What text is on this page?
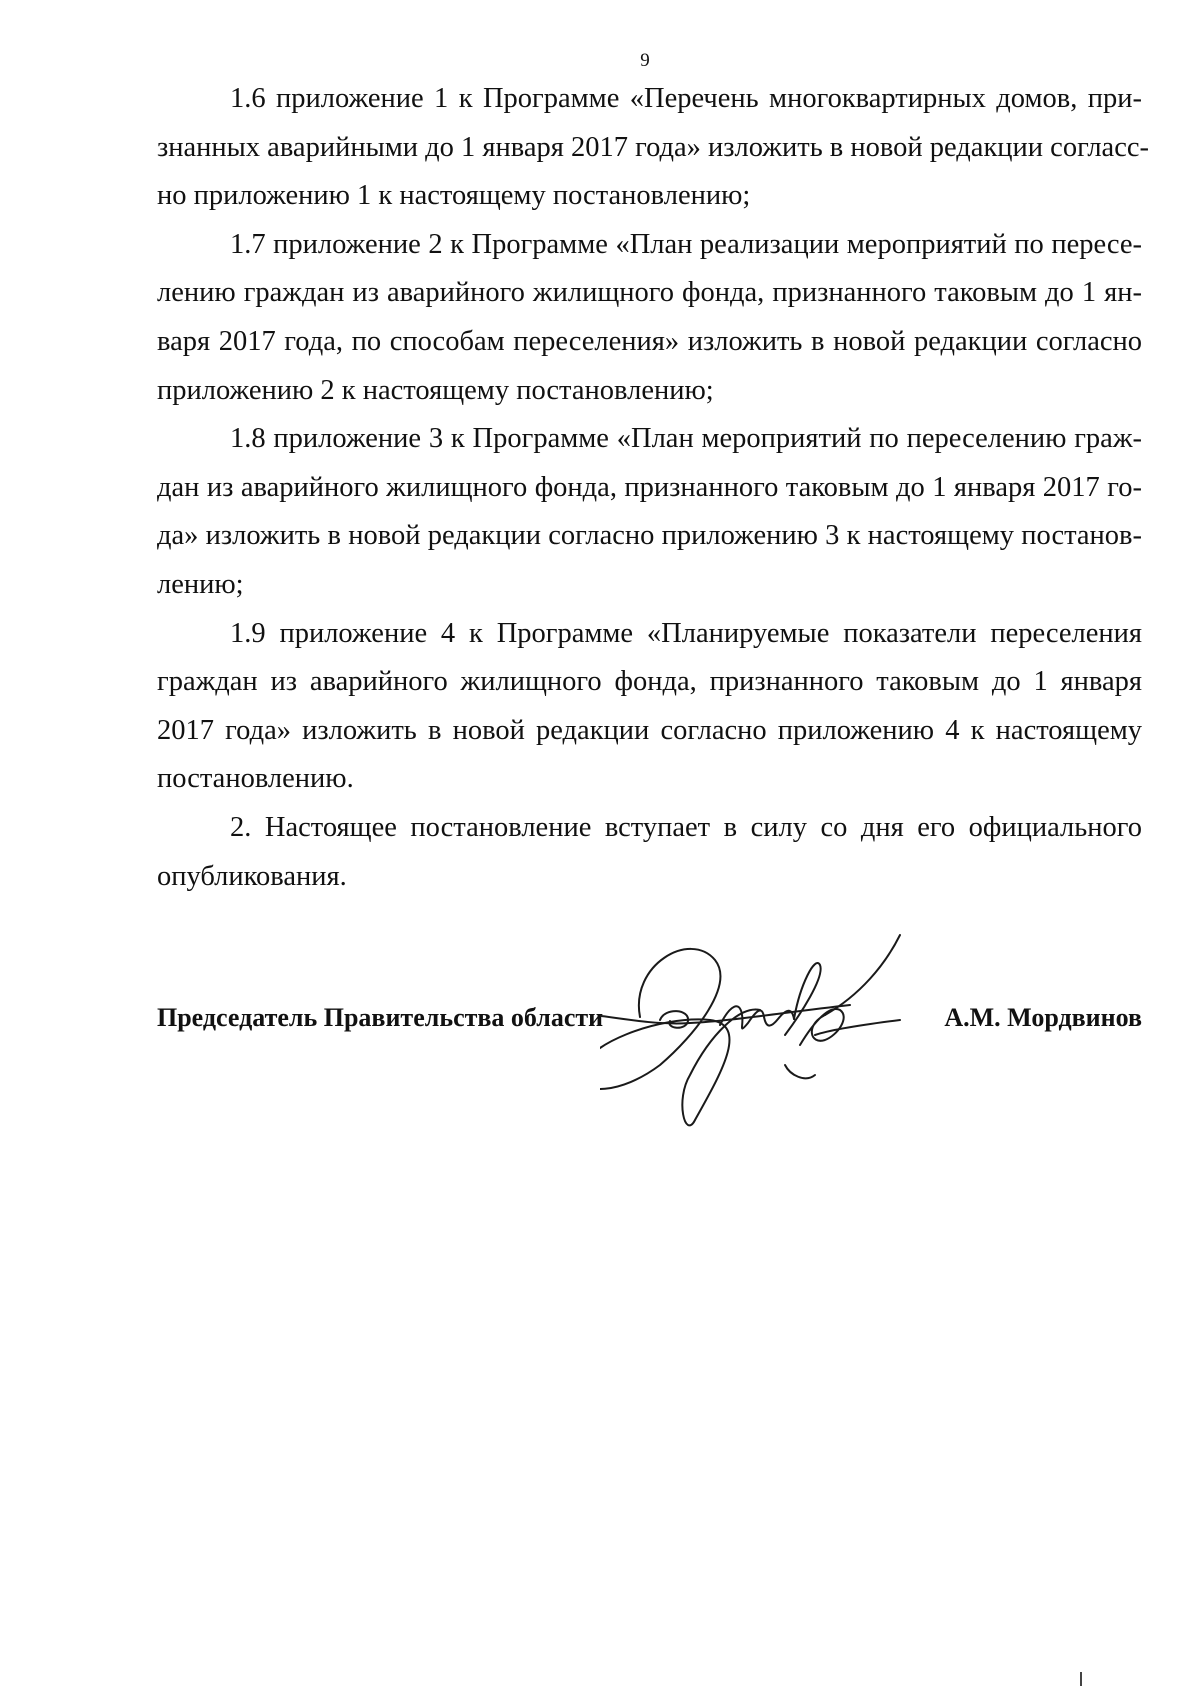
9
1.6 приложение 1 к Программе «Перечень многоквартирных домов, при-
знанных аварийными до 1 января 2017 года» изложить в новой редакции согласс-
но приложению 1 к настоящему постановлению;
1.7 приложение 2 к Программе «План реализации мероприятий по пересе-
лению граждан из аварийного жилищного фонда, признанного таковым до 1 ян-
варя 2017 года, по способам переселения» изложить в новой редакции согласно
приложению 2 к настоящему постановлению;
1.8 приложение 3 к Программе «План мероприятий по переселению граж-
дан из аварийного жилищного фонда, признанного таковым до 1 января 2017 го-
да» изложить в новой редакции согласно приложению 3 к настоящему постанов-
лению;
1.9 приложение 4 к Программе «Планируемые показатели переселения
граждан из аварийного жилищного фонда, признанного таковым до 1 января
2017 года» изложить в новой редакции согласно приложению 4 к настоящему
постановлению.
2. Настоящее постановление вступает в силу со дня его официального
опубликования.
Председатель Правительства области	А.М. Мордвинов
